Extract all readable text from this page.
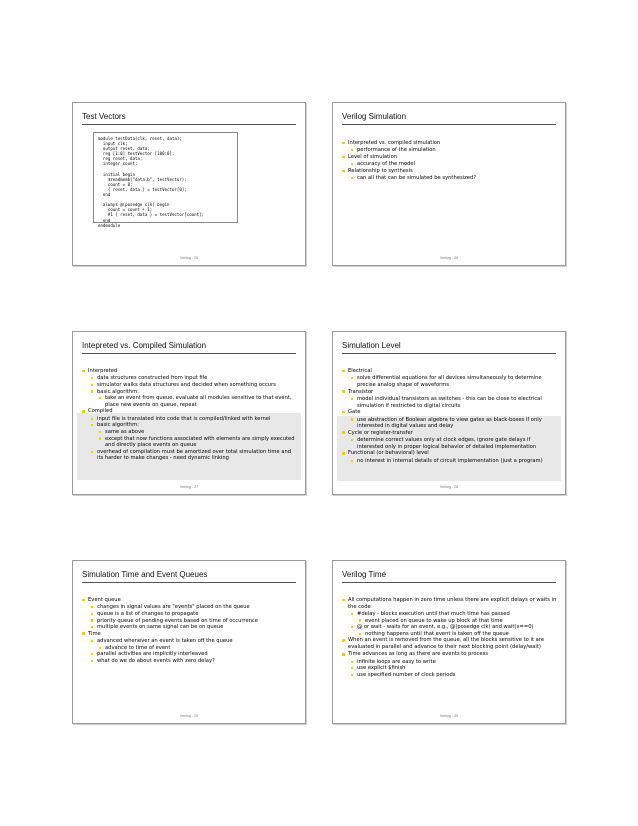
Test Vectors
module testData(clk, reset, data);
input clk;
output reset, data;
reg [1:0] testVector [100:0];
reg reset, data;
integer count;
initial begin
$readmemb("data.b", testVector);
count = 0;
{ reset, data } = testVector[0];
end
always @(posedge clk) begin
count = count + 1;
#1 { reset, data } = testVector[count];
end
endmodule
Verilog - 25
Verilog Simulation
Interpreted vs. compiled simulation
performance of the simulation
Level of simulation
accuracy of the model
Relationship to synthesis
can all that can be simulated be synthesized?
Verilog - 26
Intepreted vs. Compiled Simulation
Interpreted
data structures constructed from input file
simulator walks data structures and decided when something occurs
basic algorithm:
take an event from queue, evaluate all modules sensitive to that event, place new events on queue, repeat
Compiled
input file is translated into code that is compiled/linked with kernel
basic algorithm:
same as above
except that now functions associated with elements are simply executed and directly place events on queue
overhead of compilation must be amortized over total simulation time and its harder to make changes - need dynamic linking
Verilog - 27
Simulation Level
Electrical
solve differential equations for all devices simultaneously to determine precise analog shape of waveforms
Transistor
model individual transistors as switches - this can be close to electrical simulation if restricted to digital circuits
Gate
use abstraction of Boolean algebra to view gates as black-boxes if only interested in digital values and delay
Cycle or register-transfer
determine correct values only at clock edges, ignore gate delays if interested only in proper logical behavior of detailed implementation
Functional (or behavioral) level
no interest in internal details of circuit implementation (just a program)
Verilog - 28
Simulation Time and Event Queues
Event queue
changes in signal values are "events" placed on the queue
queue is a list of changes to propagate
priority queue of pending events based on time of occurrence
multiple events on same signal can be on queue
Time
advanced whenever an event is taken off the queue
advance to time of event
parallel activities are implicitly interleaved
what do we do about events with zero delay?
Verilog - 29
Verilog Time
All computations happen in zero time unless there are explicit delays or waits in the code
#delay - blocks execution until that much time has passed
event placed on queue to wake up block at that time
@ or wait - waits for an event, e.g., @(posedge clk) and wait(x==0)
nothing happens until that event is taken off the queue
When an event is removed from the queue, all the blocks sensitive to it are evaluated in parallel and advance to their next blocking point (delay/wait)
Time advances as long as there are events to process
infinite loops are easy to write
use explicit $finish
use specified number of clock periods
Verilog - 30
